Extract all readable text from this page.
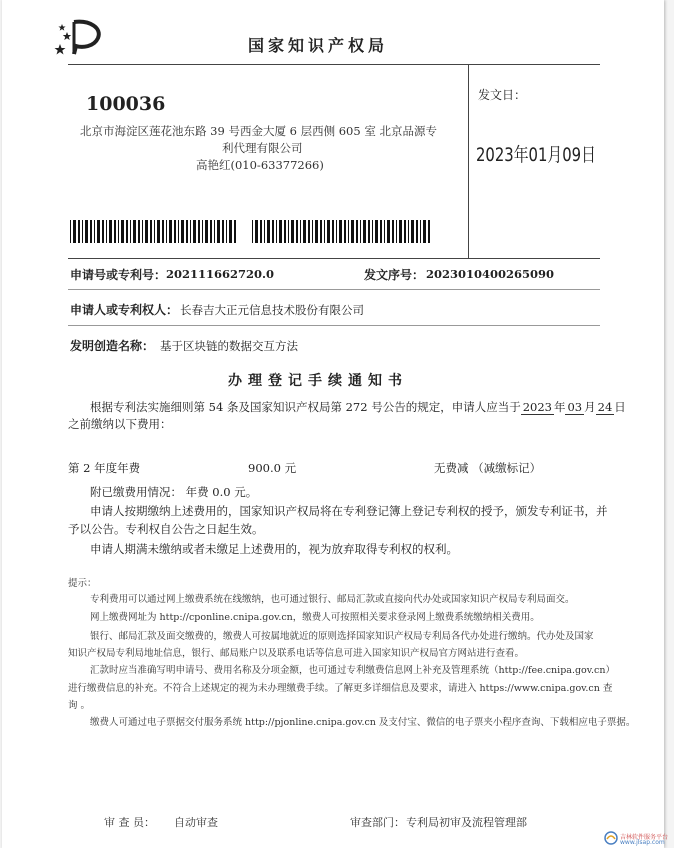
国家知识产权局
100036
北京市海淀区莲花池东路 39 号西金大厦 6 层西侧 605 室 北京品源专
利代理有限公司
高艳红(010-63377266)
发文日：
2023年01月09日
申请号或专利号： 202111662720.0	发文序号： 2023010400265090
申请人或专利权人： 长春吉大正元信息技术股份有限公司
发明创造名称： 基于区块链的数据交互方法
办理登记手续通知书
根据专利法实施细则第 54 条及国家知识产权局第 272 号公告的规定，申请人应当于 2023 年 03 月 24 日
之前缴纳以下费用：
第 2 年度年费	900.0 元	无费减 （减缴标记）
附已缴费用情况： 年费 0.0 元。
申请人按期缴纳上述费用的，国家知识产权局将在专利登记簿上登记专利权的授予，颁发专利证书，并
予以公告。专利权自公告之日起生效。
申请人期满未缴纳或者未缴足上述费用的，视为放弃取得专利权的权利。
提示：
专利费用可以通过网上缴费系统在线缴纳，也可通过银行、邮局汇款或直接向代办处或国家知识产权局专利局面交。
网上缴费网址为 http://cponline.cnipa.gov.cn，缴费人可按照相关要求登录网上缴费系统缴纳相关费用。
银行、邮局汇款及面交缴费的，缴费人可按属地就近的原则选择国家知识产权局专利局各代办处进行缴纳。代办处及国家
知识产权局专利局地址信息，银行、邮局账户以及联系电话等信息可进入国家知识产权局官方网站进行查看。
汇款时应当准确写明申请号、费用名称及分项金额，也可通过专利缴费信息网上补充及管理系统（http://fee.cnipa.gov.cn）
进行缴费信息的补充。不符合上述规定的视为未办理缴费手续。了解更多详细信息及要求，请进入 https://www.cnipa.gov.cn 查
询 。
缴费人可通过电子票据交付服务系统 http://pjonline.cnipa.gov.cn 及支付宝、微信的电子票夹小程序查询、下载相应电子票据。
审 查 员： 自动审查	审查部门： 专利局初审及流程管理部
吉林软件服务平台
www.jlsap.com
